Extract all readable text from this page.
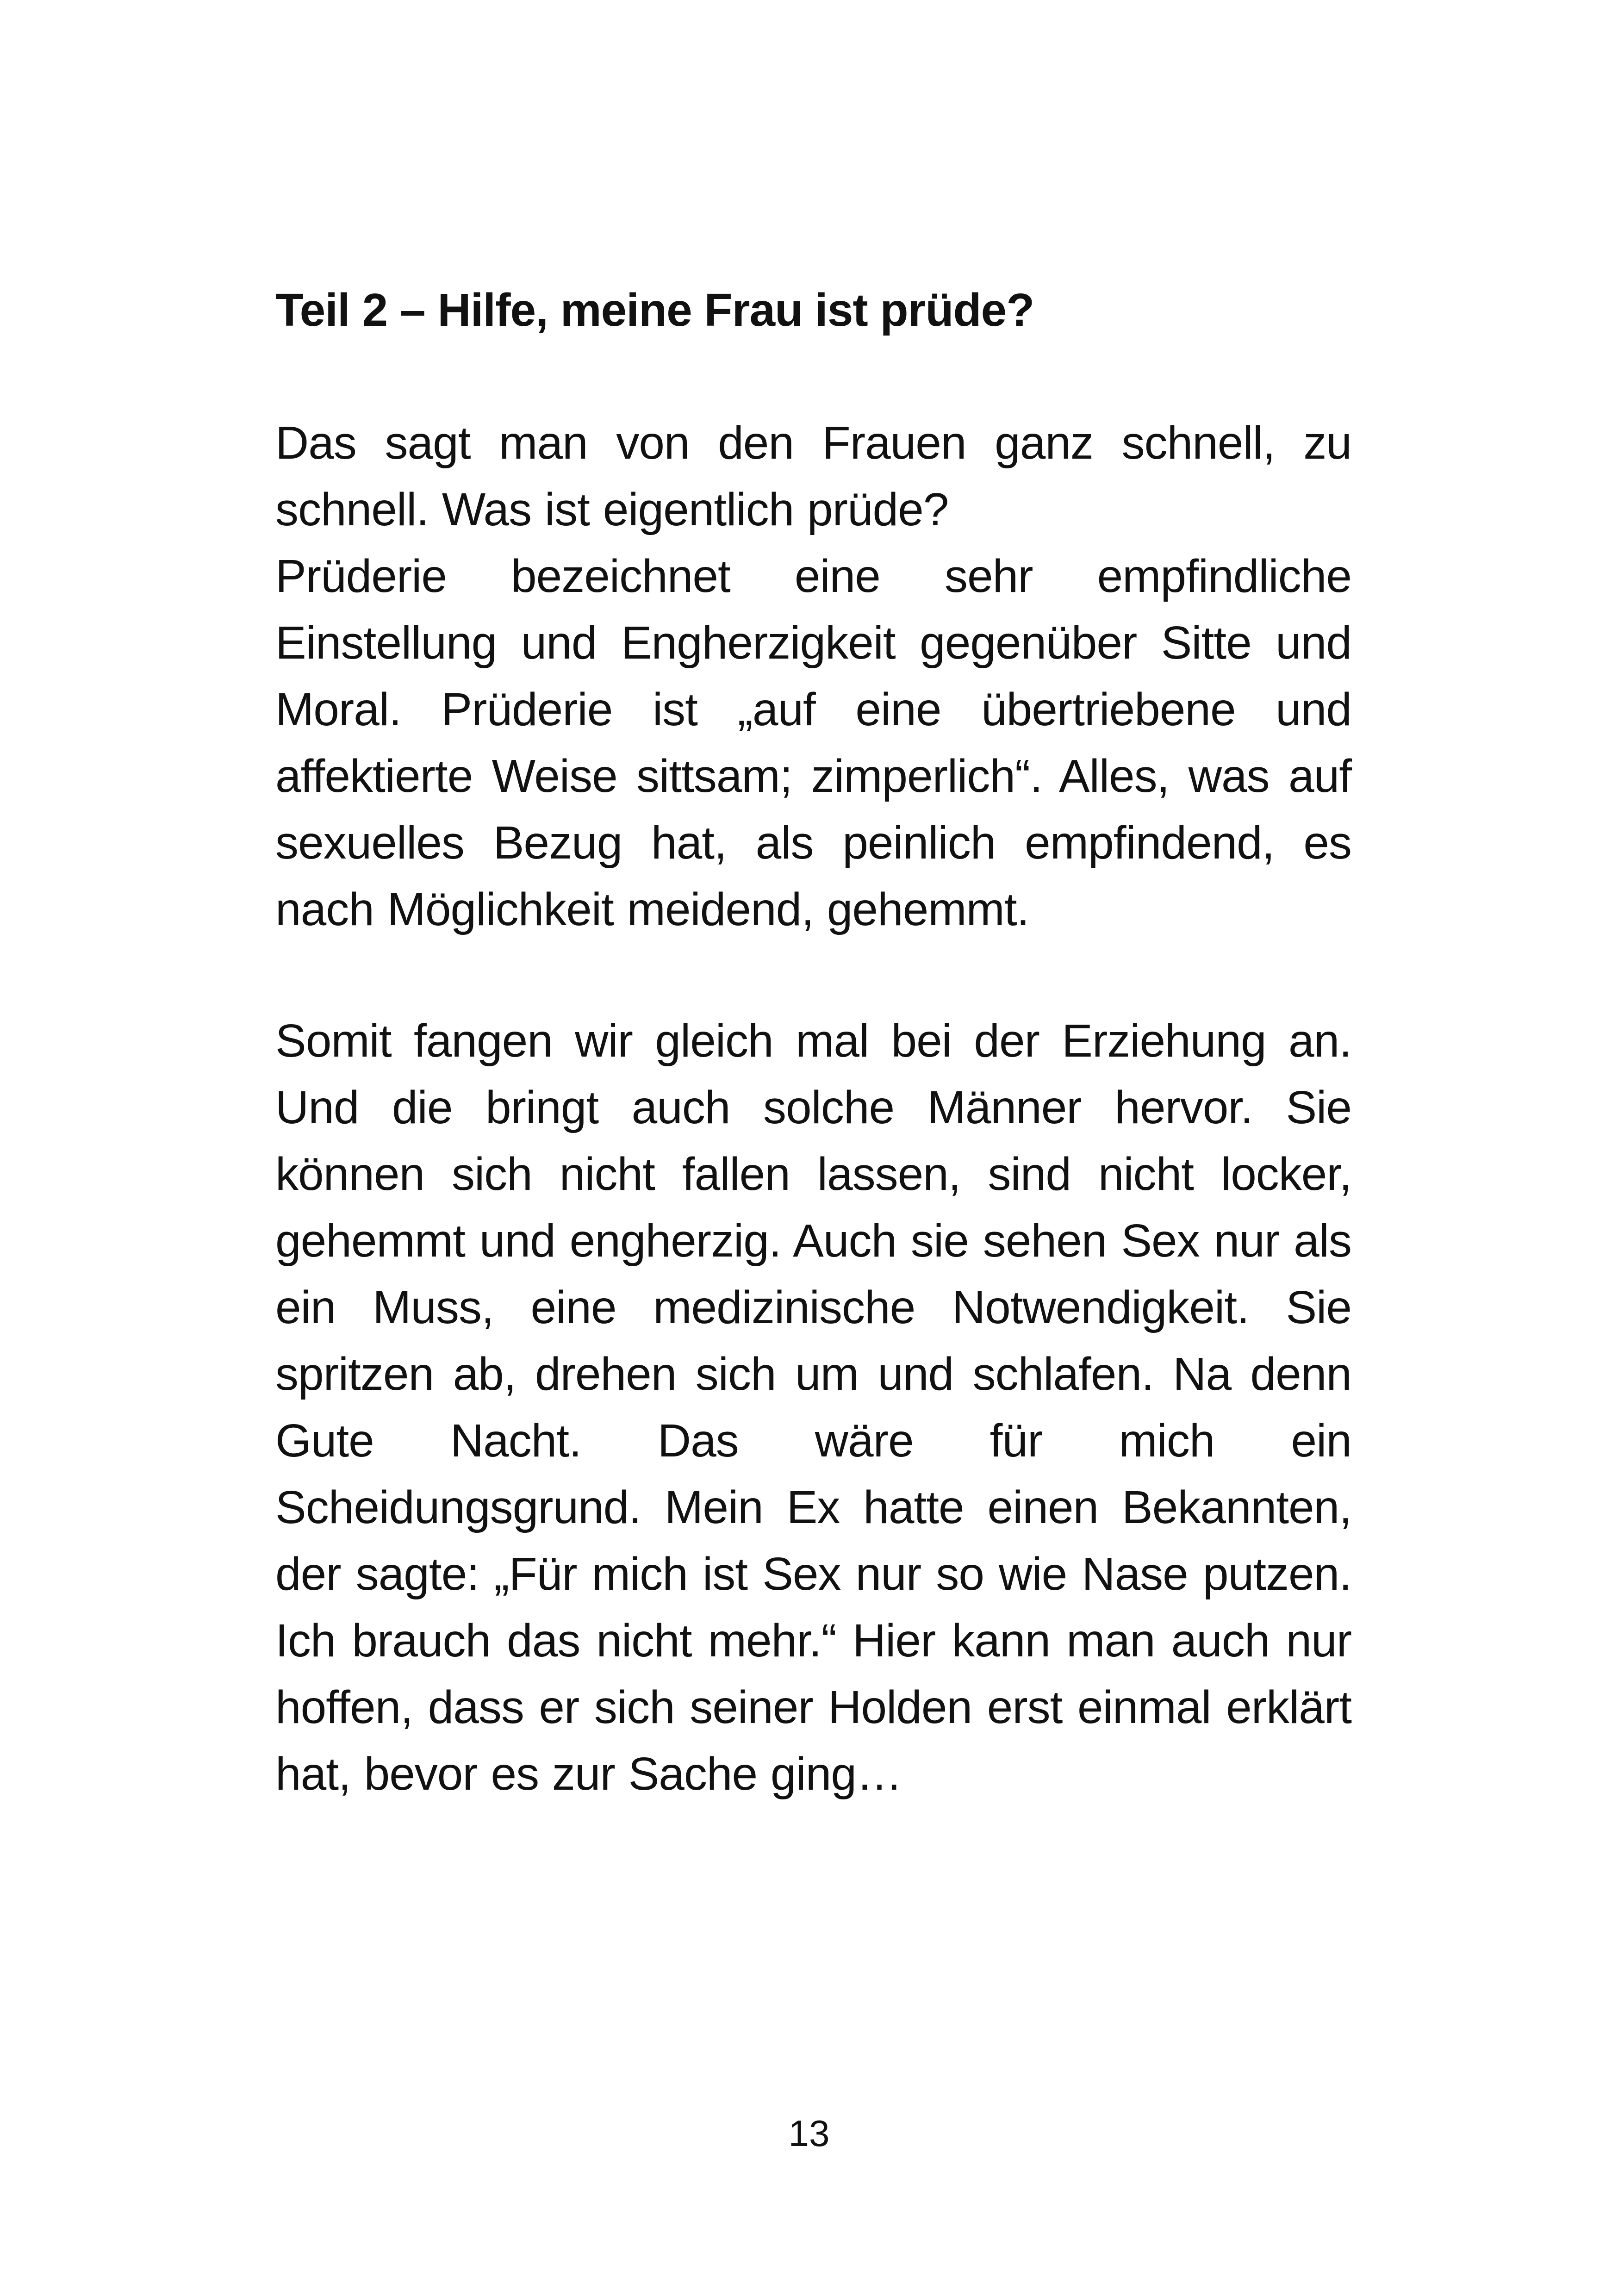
Teil 2 – Hilfe, meine Frau ist prüde?

Das sagt man von den Frauen ganz schnell, zu schnell. Was ist eigentlich prüde?

Prüderie bezeichnet eine sehr empfindliche Einstellung und Engherzigkeit gegenüber Sitte und Moral. Prüderie ist „auf eine übertriebene und affektierte Weise sittsam; zimperlich“. Alles, was auf sexuelles Bezug hat, als peinlich empfindend, es nach Möglichkeit meidend, gehemmt.

Somit fangen wir gleich mal bei der Erziehung an. Und die bringt auch solche Männer hervor. Sie können sich nicht fallen lassen, sind nicht locker, gehemmt und engherzig. Auch sie sehen Sex nur als ein Muss, eine medizinische Notwendigkeit. Sie spritzen ab, drehen sich um und schlafen. Na denn Gute Nacht. Das wäre für mich ein Scheidungsgrund. Mein Ex hatte einen Bekannten, der sagte: „Für mich ist Sex nur so wie Nase putzen. Ich brauch das nicht mehr.“ Hier kann man auch nur hoffen, dass er sich seiner Holden erst einmal erklärt hat, bevor es zur Sache ging…

13
